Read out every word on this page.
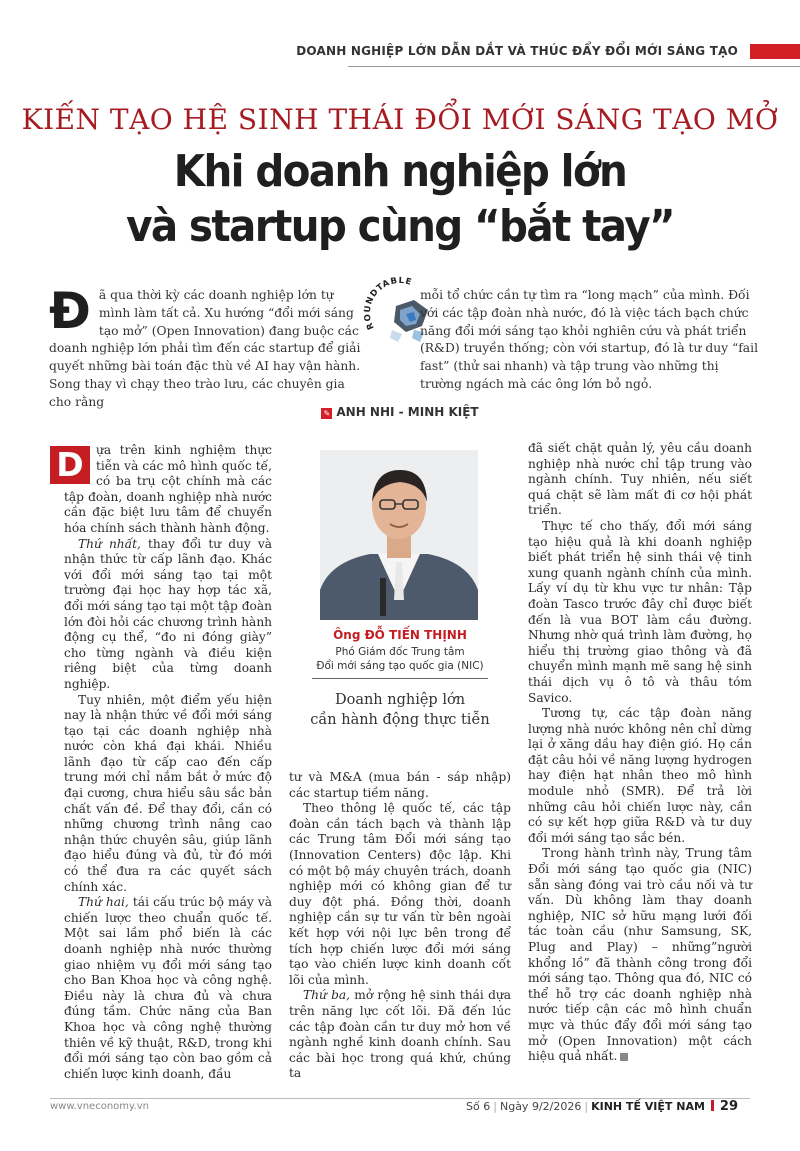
DOANH NGHIỆP LỚN DẪN DẮT VÀ THÚC ĐẨY ĐỔI MỚI SÁNG TẠO
KIẾN TẠO HỆ SINH THÁI ĐỔI MỚI SÁNG TẠO MỞ
Khi doanh nghiệp lớn
và startup cùng “bắt tay”
Đã qua thời kỳ các doanh nghiệp lớn tự mình làm tất cả. Xu hướng “đổi mới sáng tạo mở” (Open Innovation) đang buộc các doanh nghiệp lớn phải tìm đến các startup để giải quyết những bài toán đặc thù về AI hay vận hành. Song thay vì chạy theo trào lưu, các chuyên gia cho rằng
ROUNDTABLE
mỗi tổ chức cần tự tìm ra “long mạch” của mình. Đối với các tập đoàn nhà nước, đó là việc tách bạch chức năng đổi mới sáng tạo khỏi nghiên cứu và phát triển (R&D) truyền thống; còn với startup, đó là tư duy “fail fast” (thử sai nhanh) và tập trung vào những thị trường ngách mà các ông lớn bỏ ngỏ.
✎ ANH NHI - MINH KIỆT

D	ựa trên kinh nghiệm thực tiễn và các mô hình quốc tế, có ba trụ cột chính mà các tập đoàn, doanh nghiệp nhà nước cần đặc biệt lưu tâm để chuyển hóa chính sách thành hành động.

Thứ nhất, thay đổi tư duy và nhận thức từ cấp lãnh đạo. Khác với đổi mới sáng tạo tại một trường đại học hay hợp tác xã, đổi mới sáng tạo tại một tập đoàn lớn đòi hỏi các chương trình hành động cụ thể, “đo ni đóng giày” cho từng ngành và điều kiện riêng biệt của từng doanh nghiệp.

Tuy nhiên, một điểm yếu hiện nay là nhận thức về đổi mới sáng tạo tại các doanh nghiệp nhà nước còn khá đại khái. Nhiều lãnh đạo từ cấp cao đến cấp trung mới chỉ nắm bắt ở mức độ đại cương, chưa hiểu sâu sắc bản chất vấn đề. Để thay đổi, cần có những chương trình nâng cao nhận thức chuyên sâu, giúp lãnh đạo hiểu đúng và đủ, từ đó mới có thể đưa ra các quyết sách chính xác.

Thứ hai, tái cấu trúc bộ máy và chiến lược theo chuẩn quốc tế. Một sai lầm phổ biến là các doanh nghiệp nhà nước thường giao nhiệm vụ đổi mới sáng tạo cho Ban Khoa học và công nghệ. Điều này là chưa đủ và chưa đúng tầm. Chức năng của Ban Khoa học và công nghệ thường thiên về kỹ thuật, R&D, trong khi đổi mới sáng tạo còn bao gồm cả chiến lược kinh doanh, đầu

Ông ĐỖ TIẾN THỊNH
Phó Giám đốc Trung tâm
Đổi mới sáng tạo quốc gia (NIC)
Doanh nghiệp lớn
cần hành động thực tiễn

tư và M&A (mua bán - sáp nhập) các startup tiềm năng.

Theo thông lệ quốc tế, các tập đoàn cần tách bạch và thành lập các Trung tâm Đổi mới sáng tạo (Innovation Centers) độc lập. Khi có một bộ máy chuyên trách, doanh nghiệp mới có không gian để tư duy đột phá. Đồng thời, doanh nghiệp cần sự tư vấn từ bên ngoài kết hợp với nội lực bên trong để tích hợp chiến lược đổi mới sáng tạo vào chiến lược kinh doanh cốt lõi của mình.

Thứ ba, mở rộng hệ sinh thái dựa trên năng lực cốt lõi. Đã đến lúc các tập đoàn cần tư duy mở hơn về ngành nghề kinh doanh chính. Sau các bài học trong quá khứ, chúng ta

đã siết chặt quản lý, yêu cầu doanh nghiệp nhà nước chỉ tập trung vào ngành chính. Tuy nhiên, nếu siết quá chặt sẽ làm mất đi cơ hội phát triển.

Thực tế cho thấy, đổi mới sáng tạo hiệu quả là khi doanh nghiệp biết phát triển hệ sinh thái vệ tinh xung quanh ngành chính của mình. Lấy ví dụ từ khu vực tư nhân: Tập đoàn Tasco trước đây chỉ được biết đến là vua BOT làm cầu đường. Nhưng nhờ quá trình làm đường, họ hiểu thị trường giao thông và đã chuyển mình mạnh mẽ sang hệ sinh thái dịch vụ ô tô và thâu tóm Savico.

Tương tự, các tập đoàn năng lượng nhà nước không nên chỉ dừng lại ở xăng dầu hay điện gió. Họ cần đặt câu hỏi về năng lượng hydrogen hay điện hạt nhân theo mô hình module nhỏ (SMR). Để trả lời những câu hỏi chiến lược này, cần có sự kết hợp giữa R&D và tư duy đổi mới sáng tạo sắc bén.

Trong hành trình này, Trung tâm Đổi mới sáng tạo quốc gia (NIC) sẵn sàng đóng vai trò cầu nối và tư vấn. Dù không làm thay doanh nghiệp, NIC sở hữu mạng lưới đối tác toàn cầu (như Samsung, SK, Plug and Play) – những”người khổng lồ” đã thành công trong đổi mới sáng tạo. Thông qua đó, NIC có thể hỗ trợ các doanh nghiệp nhà nước tiếp cận các mô hình chuẩn mực và thúc đẩy đổi mới sáng tạo mở (Open Innovation) một cách hiệu quả nhất.

www.vneconomy.vn	Số 6 | Ngày 9/2/2026 | KINH TẾ VIỆT NAM 29
